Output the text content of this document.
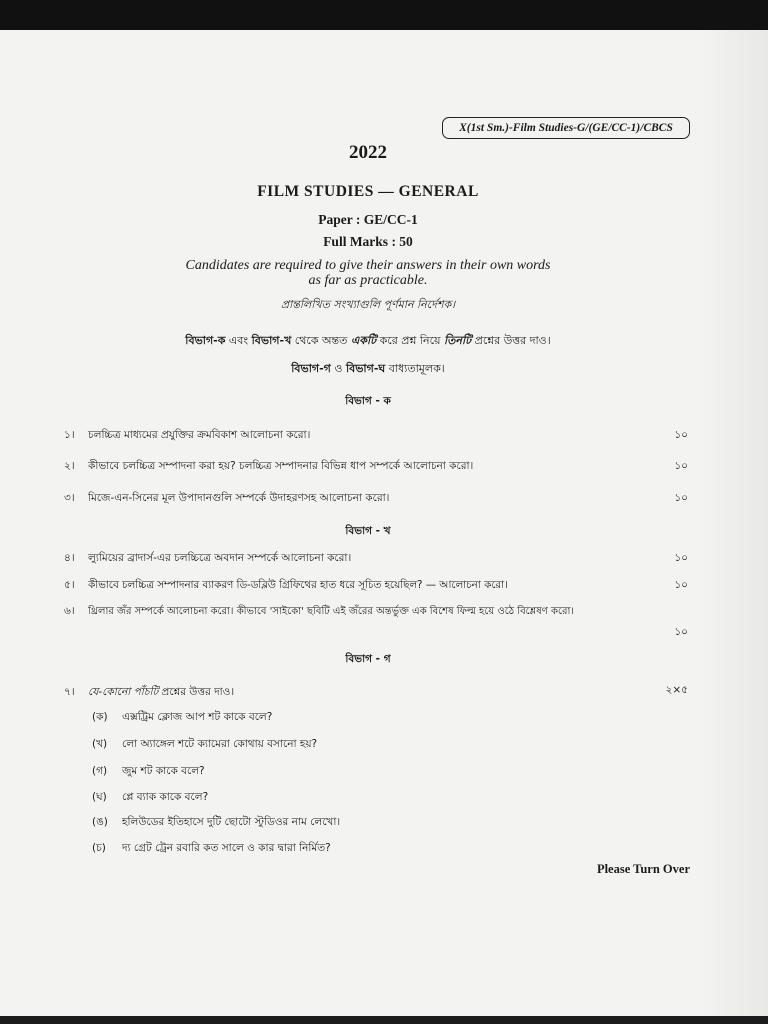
X(1st Sm.)-Film Studies-G/(GE/CC-1)/CBCS
2022
FILM STUDIES — GENERAL
Paper : GE/CC-1
Full Marks : 50
Candidates are required to give their answers in their own words
as far as practicable.
প্রান্তলিখিত সংখ্যাগুলি পূর্ণমান নির্দেশক।
বিভাগ-ক এবং বিভাগ-খ থেকে অন্তত একটি করে প্রশ্ন নিয়ে তিনটি প্রশ্নের উত্তর দাও।
বিভাগ-গ ও বিভাগ-ঘ বাধ্যতামূলক।
বিভাগ - ক
১।	চলচ্চিত্র মাধ্যমের প্রযুক্তির ক্রমবিকাশ আলোচনা করো।	১০
২।	কীভাবে চলচ্চিত্র সম্পাদনা করা হয়? চলচ্চিত্র সম্পাদনার বিভিন্ন ধাপ সম্পর্কে আলোচনা করো।	১০
৩।	মিজে-এন-সিনের মূল উপাদানগুলি সম্পর্কে উদাহরণসহ আলোচনা করো।	১০
বিভাগ - খ
৪।	ল্যুমিয়ের ব্রাদার্স-এর চলচ্চিত্রে অবদান সম্পর্কে আলোচনা করো।	১০
৫।	কীভাবে চলচ্চিত্র সম্পাদনার ব্যাকরণ ডি-ডব্লিউ গ্রিফিথের হাত ধরে সূচিত হয়েছিল? — আলোচনা করো।	১০
৬।	থ্রিলার জঁর সম্পর্কে আলোচনা করো। কীভাবে 'সাইকো' ছবিটি এই জঁরের অন্তর্ভুক্ত এক বিশেষ ফিল্ম হয়ে ওঠে বিশ্লেষণ করো।
১০
বিভাগ - গ
৭।	যে-কোনো পাঁচটি প্রশ্নের উত্তর দাও।	২×৫
(ক)	এক্সট্রিম ক্লোজ আপ শট কাকে বলে?
(খ)	লো অ্যাঙ্গেল শটে ক্যামেরা কোথায় বসানো হয়?
(গ)	জুম শট কাকে বলে?
(ঘ)	প্লে ব্যাক কাকে বলে?
(ঙ)	হলিউডের ইতিহাসে দুটি ছোটো স্টুডিওর নাম লেখো।
(চ)	দ্য গ্রেট ট্রেন রবারি কত সালে ও কার দ্বারা নির্মিত?
Please Turn Over
